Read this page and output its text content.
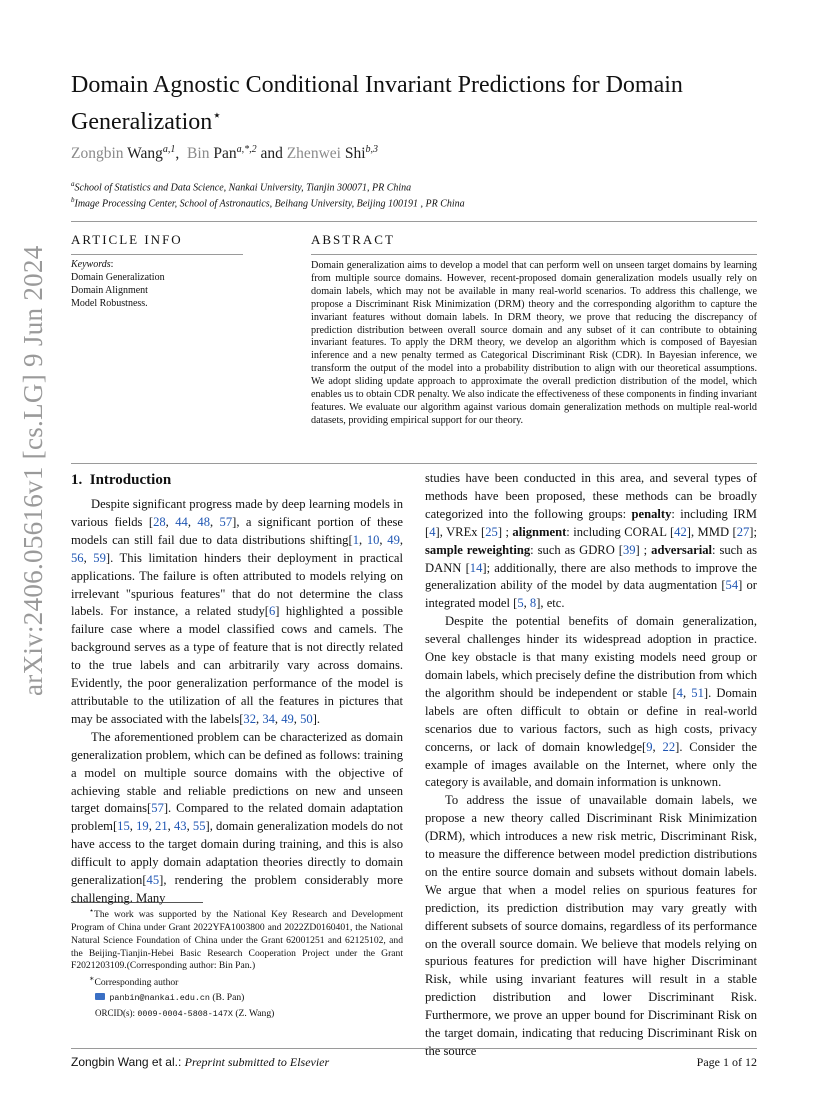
arXiv:2406.05616v1 [cs.LG] 9 Jun 2024
Domain Agnostic Conditional Invariant Predictions for Domain Generalization⋆
Zongbin Wang$^{a,1}$,  Bin Pan$^{a,*,2}$ and Zhenwei Shi$^{b,3}$
$^a$School of Statistics and Data Science, Nankai University, Tianjin 300071, PR China
$^b$Image Processing Center, School of Astronautics, Beihang University, Beijing 100191 , PR China
ARTICLE INFO
Keywords:
Domain Generalization
Domain Alignment
Model Robustness.
ABSTRACT
Domain generalization aims to develop a model that can perform well on unseen target domains by learning from multiple source domains. However, recent-proposed domain generalization models usually rely on domain labels, which may not be available in many real-world scenarios. To address this challenge, we propose a Discriminant Risk Minimization (DRM) theory and the corresponding algorithm to capture the invariant features without domain labels. In DRM theory, we prove that reducing the discrepancy of prediction distribution between overall source domain and any subset of it can contribute to obtaining invariant features. To apply the DRM theory, we develop an algorithm which is composed of Bayesian inference and a new penalty termed as Categorical Discriminant Risk (CDR). In Bayesian inference, we transform the output of the model into a probability distribution to align with our theoretical assumptions. We adopt sliding update approach to approximate the overall prediction distribution of the model, which enables us to obtain CDR penalty. We also indicate the effectiveness of these components in finding invariant features. We evaluate our algorithm against various domain generalization methods on multiple real-world datasets, providing empirical support for our theory.
1. Introduction

Despite significant progress made by deep learning models in various fields [28, 44, 48, 57], a significant portion of these models can still fail due to data distributions shifting[1, 10, 49, 56, 59]. This limitation hinders their deployment in practical applications. The failure is often attributed to models relying on irrelevant "spurious features" that do not determine the class labels. For instance, a related study[6] highlighted a possible failure case where a model classified cows and camels. The background serves as a type of feature that is not directly related to the true labels and can arbitrarily vary across domains. Evidently, the poor generalization performance of the model is attributable to the utilization of all the features in pictures that may be associated with the labels[32, 34, 49, 50].

The aforementioned problem can be characterized as domain generalization problem, which can be defined as follows: training a model on multiple source domains with the objective of achieving stable and reliable predictions on new and unseen target domains[57]. Compared to the related domain adaptation problem[15, 19, 21, 43, 55], domain generalization models do not have access to the target domain during training, and this is also difficult to apply domain adaptation theories directly to domain generalization[45], rendering the problem considerably more challenging. Many

⋆The work was supported by the National Key Research and Development Program of China under Grant 2022YFA1003800 and 2022ZD0160401, the National Natural Science Foundation of China under the Grant 62001251 and 62125102, and the Beijing-Tianjin-Hebei Basic Research Cooperation Project under the Grant F2021203109.(Corresponding author: Bin Pan.)
∗Corresponding author
panbin@nankai.edu.cn (B. Pan)
ORCID(s): 0009-0004-5808-147X (Z. Wang)

studies have been conducted in this area, and several types of methods have been proposed, these methods can be broadly categorized into the following groups: penalty: including IRM [4], VREx [25] ; alignment: including CORAL [42], MMD [27]; sample reweighting: such as GDRO [39] ; adversarial: such as DANN [14]; additionally, there are also methods to improve the generalization ability of the model by data augmentation [54] or integrated model [5, 8], etc.

Despite the potential benefits of domain generalization, several challenges hinder its widespread adoption in practice. One key obstacle is that many existing models need group or domain labels, which precisely define the distribution from which the algorithm should be independent or stable [4, 51]. Domain labels are often difficult to obtain or define in real-world scenarios due to various factors, such as high costs, privacy concerns, or lack of domain knowledge[9, 22]. Consider the example of images available on the Internet, where only the category is available, and domain information is unknown.

To address the issue of unavailable domain labels, we propose a new theory called Discriminant Risk Minimization (DRM), which introduces a new risk metric, Discriminant Risk, to measure the difference between model prediction distributions on the entire source domain and subsets without domain labels. We argue that when a model relies on spurious features for prediction, its prediction distribution may vary greatly with different subsets of source domains, regardless of its performance on the overall source domain. We believe that models relying on spurious features for prediction will have higher Discriminant Risk, while using invariant features will result in a stable prediction distribution and lower Discriminant Risk. Furthermore, we prove an upper bound for Discriminant Risk on the target domain, indicating that reducing Discriminant Risk on the source

Zongbin Wang et al.: Preprint submitted to Elsevier	Page 1 of 12
